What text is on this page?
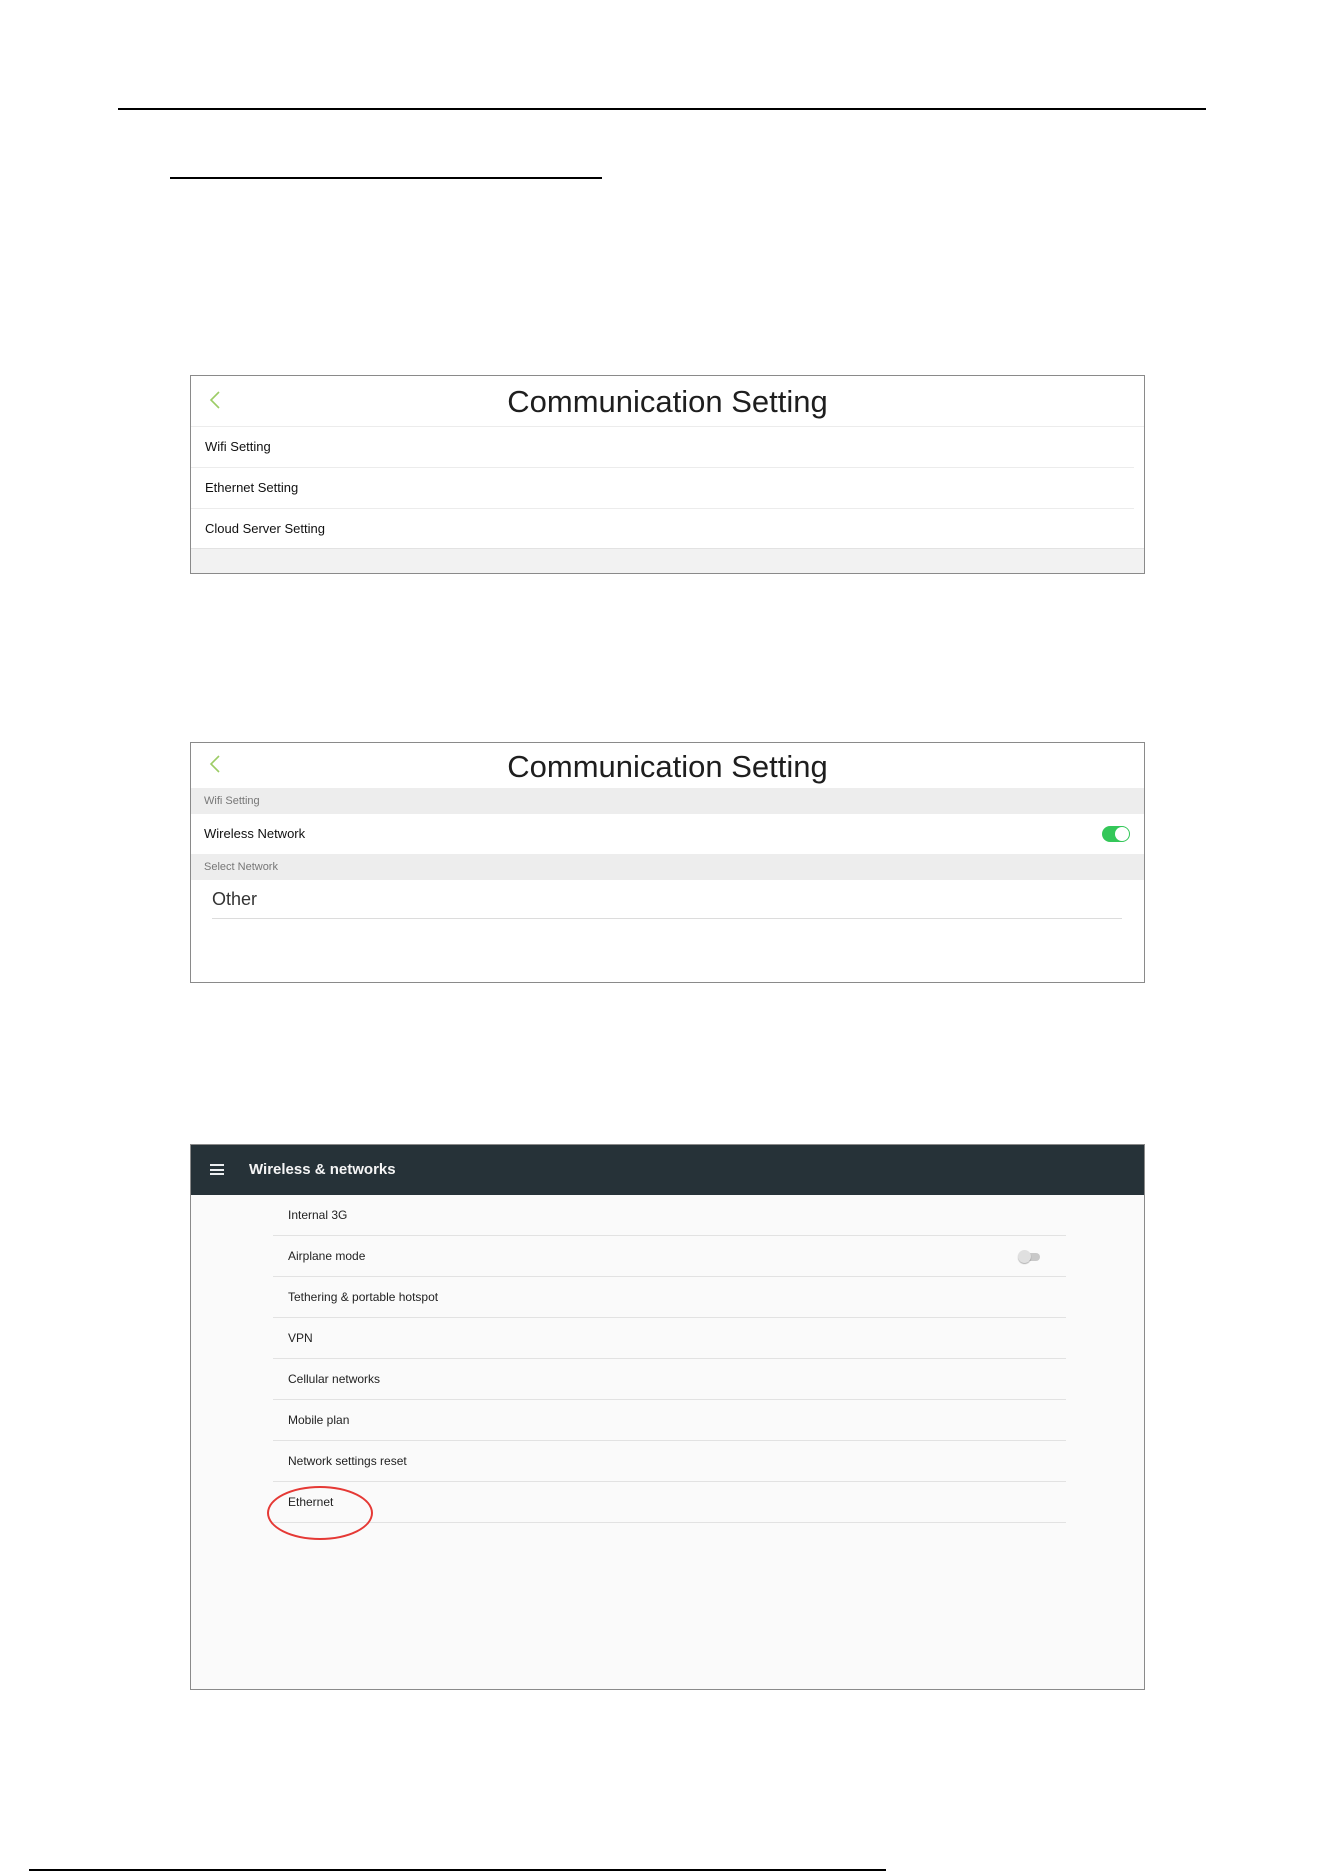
Communication Setting
Wifi Setting
Ethernet Setting
Cloud Server Setting
Communication Setting
Wifi Setting
Wireless Network
Select Network
Other
Wireless & networks
Internal 3G
Airplane mode
Tethering & portable hotspot
VPN
Cellular networks
Mobile plan
Network settings reset
Ethernet
